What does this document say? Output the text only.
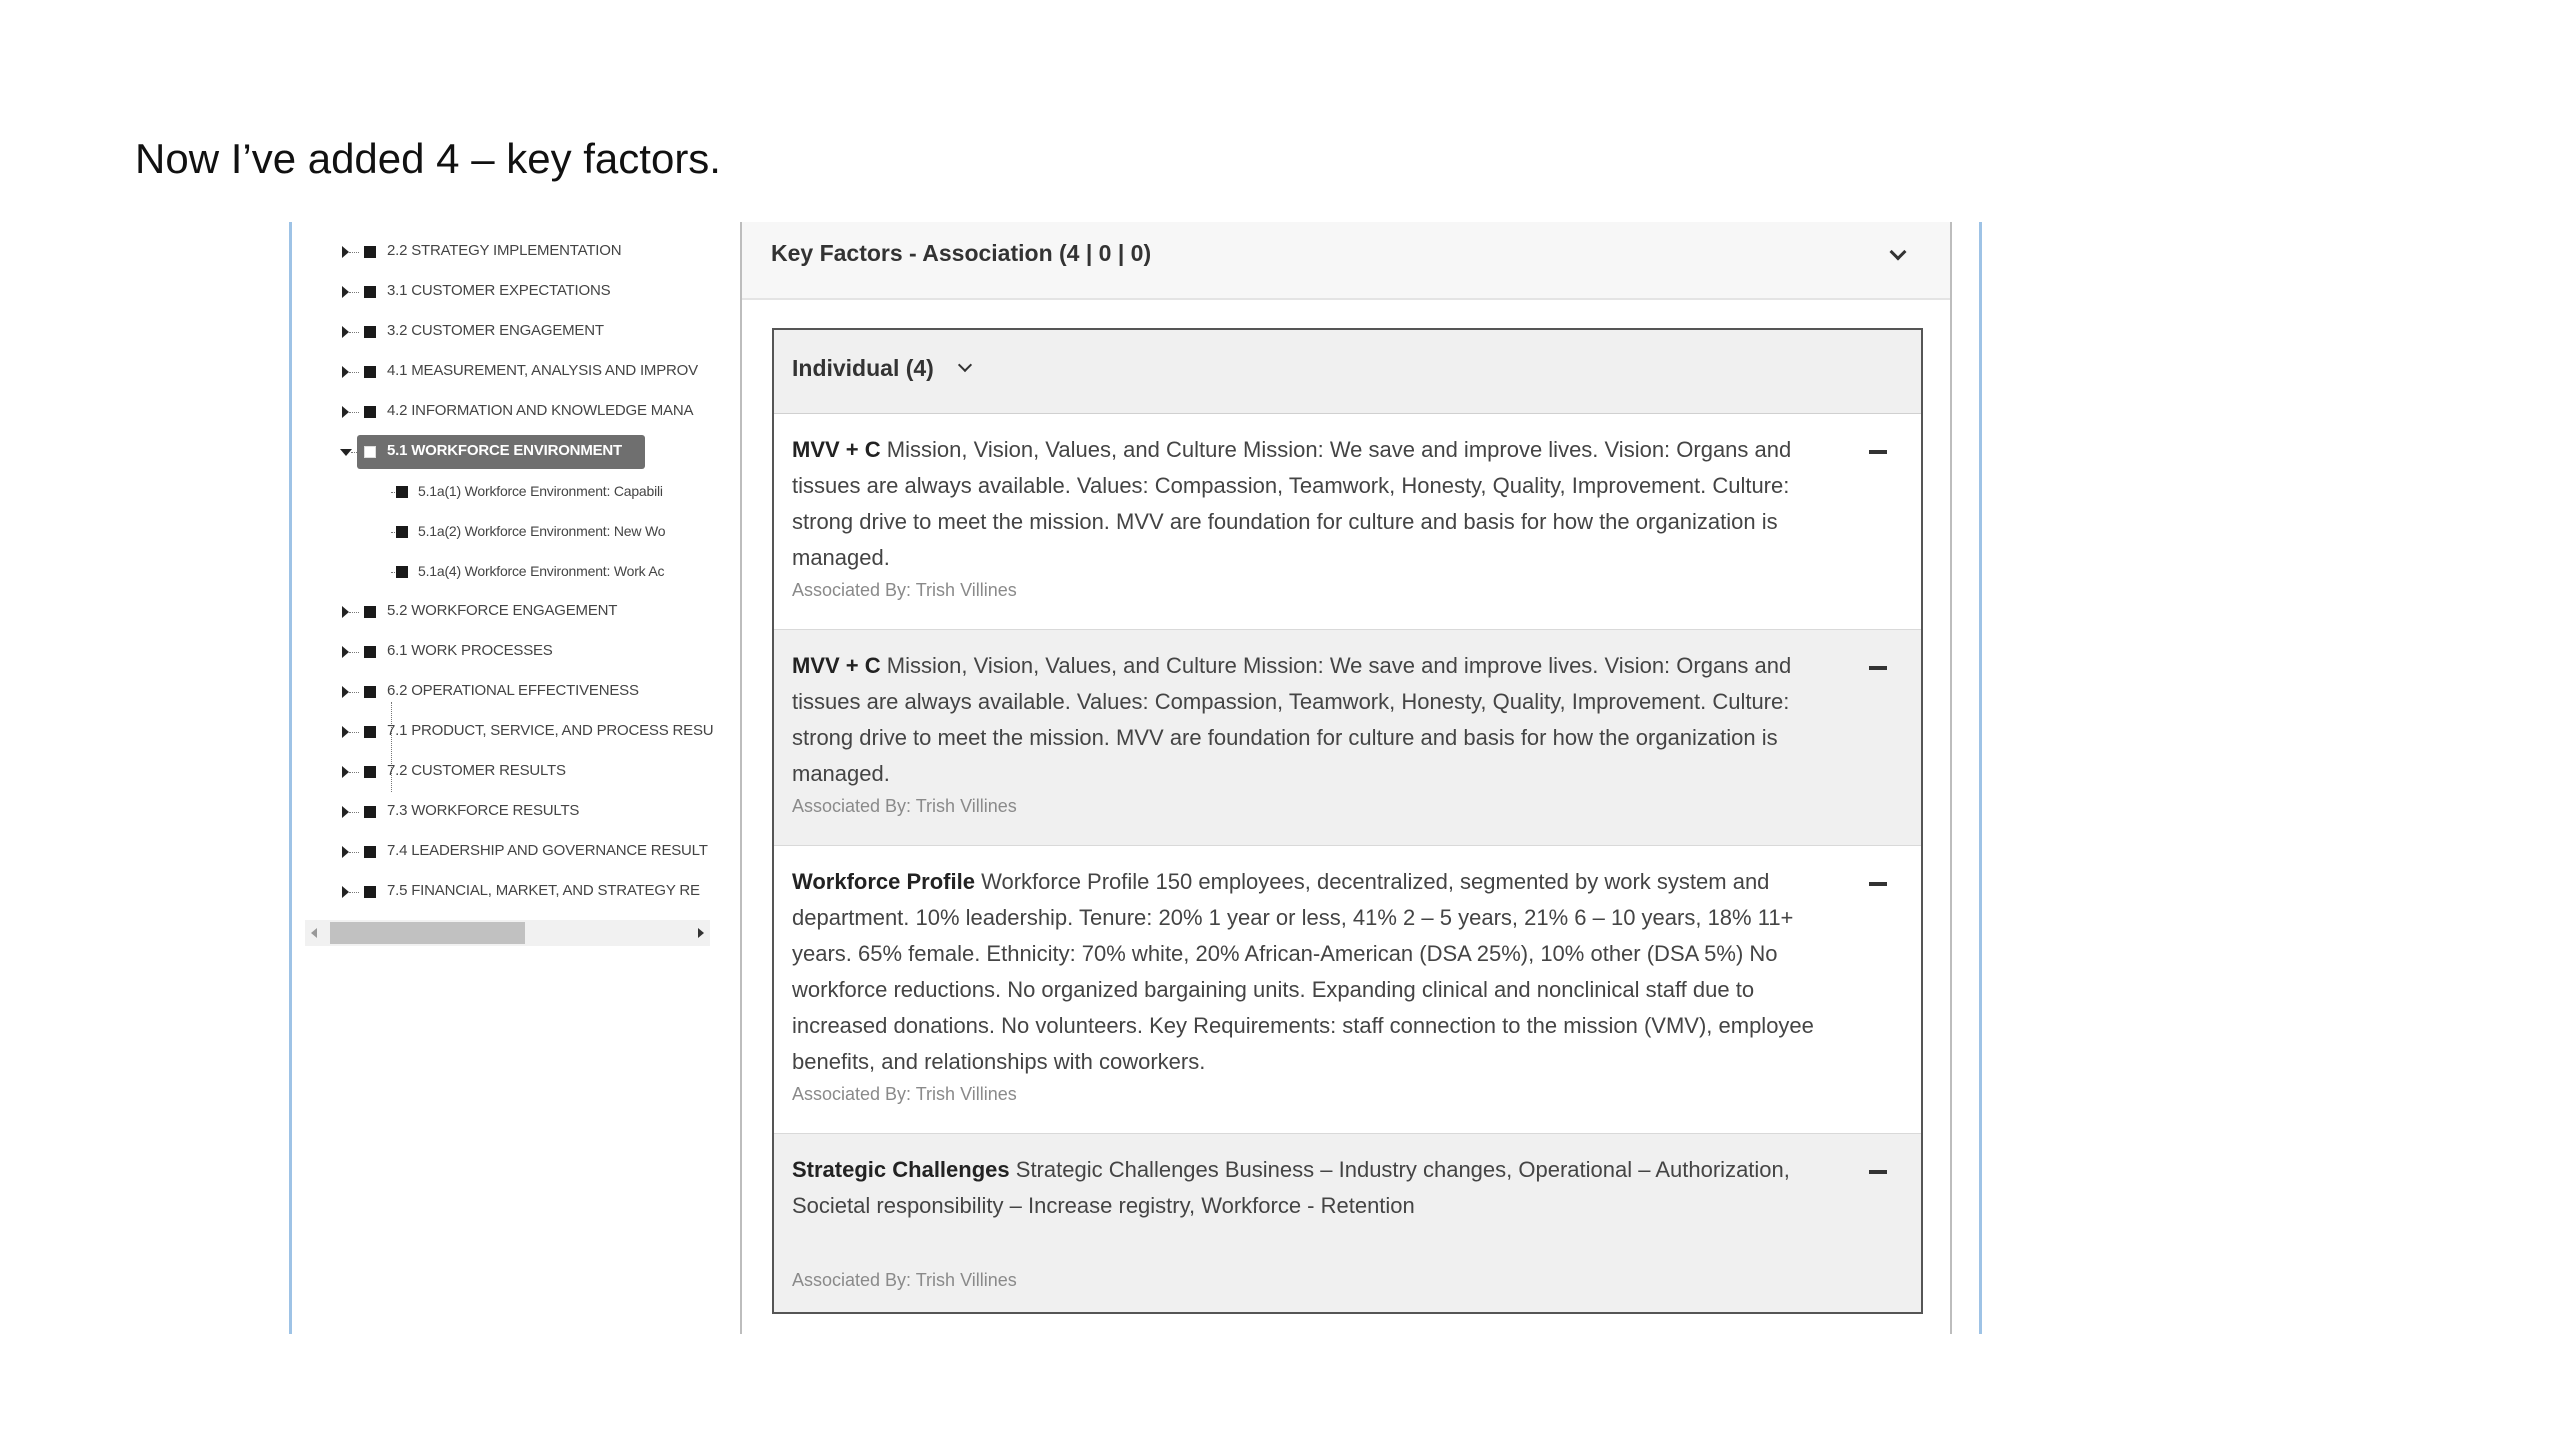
Now I’ve added 4 – key factors.
2.2 STRATEGY IMPLEMENTATION
3.1 CUSTOMER EXPECTATIONS
3.2 CUSTOMER ENGAGEMENT
4.1 MEASUREMENT, ANALYSIS AND IMPROV
4.2 INFORMATION AND KNOWLEDGE MANA
5.1 WORKFORCE ENVIRONMENT
5.1a(1) Workforce Environment: Capabili
5.1a(2) Workforce Environment: New Wo
5.1a(4) Workforce Environment: Work Ac
5.2 WORKFORCE ENGAGEMENT
6.1 WORK PROCESSES
6.2 OPERATIONAL EFFECTIVENESS
7.1 PRODUCT, SERVICE, AND PROCESS RESU
7.2 CUSTOMER RESULTS
7.3 WORKFORCE RESULTS
7.4 LEADERSHIP AND GOVERNANCE RESULT
7.5 FINANCIAL, MARKET, AND STRATEGY RE
Key Factors - Association (4 | 0 | 0)
Individual (4)
MVV + C Mission, Vision, Values, and Culture Mission: We save and improve lives. Vision: Organs and tissues are always available. Values: Compassion, Teamwork, Honesty, Quality, Improvement. Culture: strong drive to meet the mission. MVV are foundation for culture and basis for how the organization is managed.
Associated By: Trish Villines
MVV + C Mission, Vision, Values, and Culture Mission: We save and improve lives. Vision: Organs and tissues are always available. Values: Compassion, Teamwork, Honesty, Quality, Improvement. Culture: strong drive to meet the mission. MVV are foundation for culture and basis for how the organization is managed.
Associated By: Trish Villines
Workforce Profile Workforce Profile 150 employees, decentralized, segmented by work system and department. 10% leadership. Tenure: 20% 1 year or less, 41% 2 – 5 years, 21% 6 – 10 years, 18% 11+ years. 65% female. Ethnicity: 70% white, 20% African-American (DSA 25%), 10% other (DSA 5%) No workforce reductions. No organized bargaining units. Expanding clinical and nonclinical staff due to increased donations. No volunteers. Key Requirements: staff connection to the mission (VMV), employee benefits, and relationships with coworkers.
Associated By: Trish Villines
Strategic Challenges Strategic Challenges Business – Industry changes, Operational – Authorization, Societal responsibility – Increase registry, Workforce - Retention
Associated By: Trish Villines
